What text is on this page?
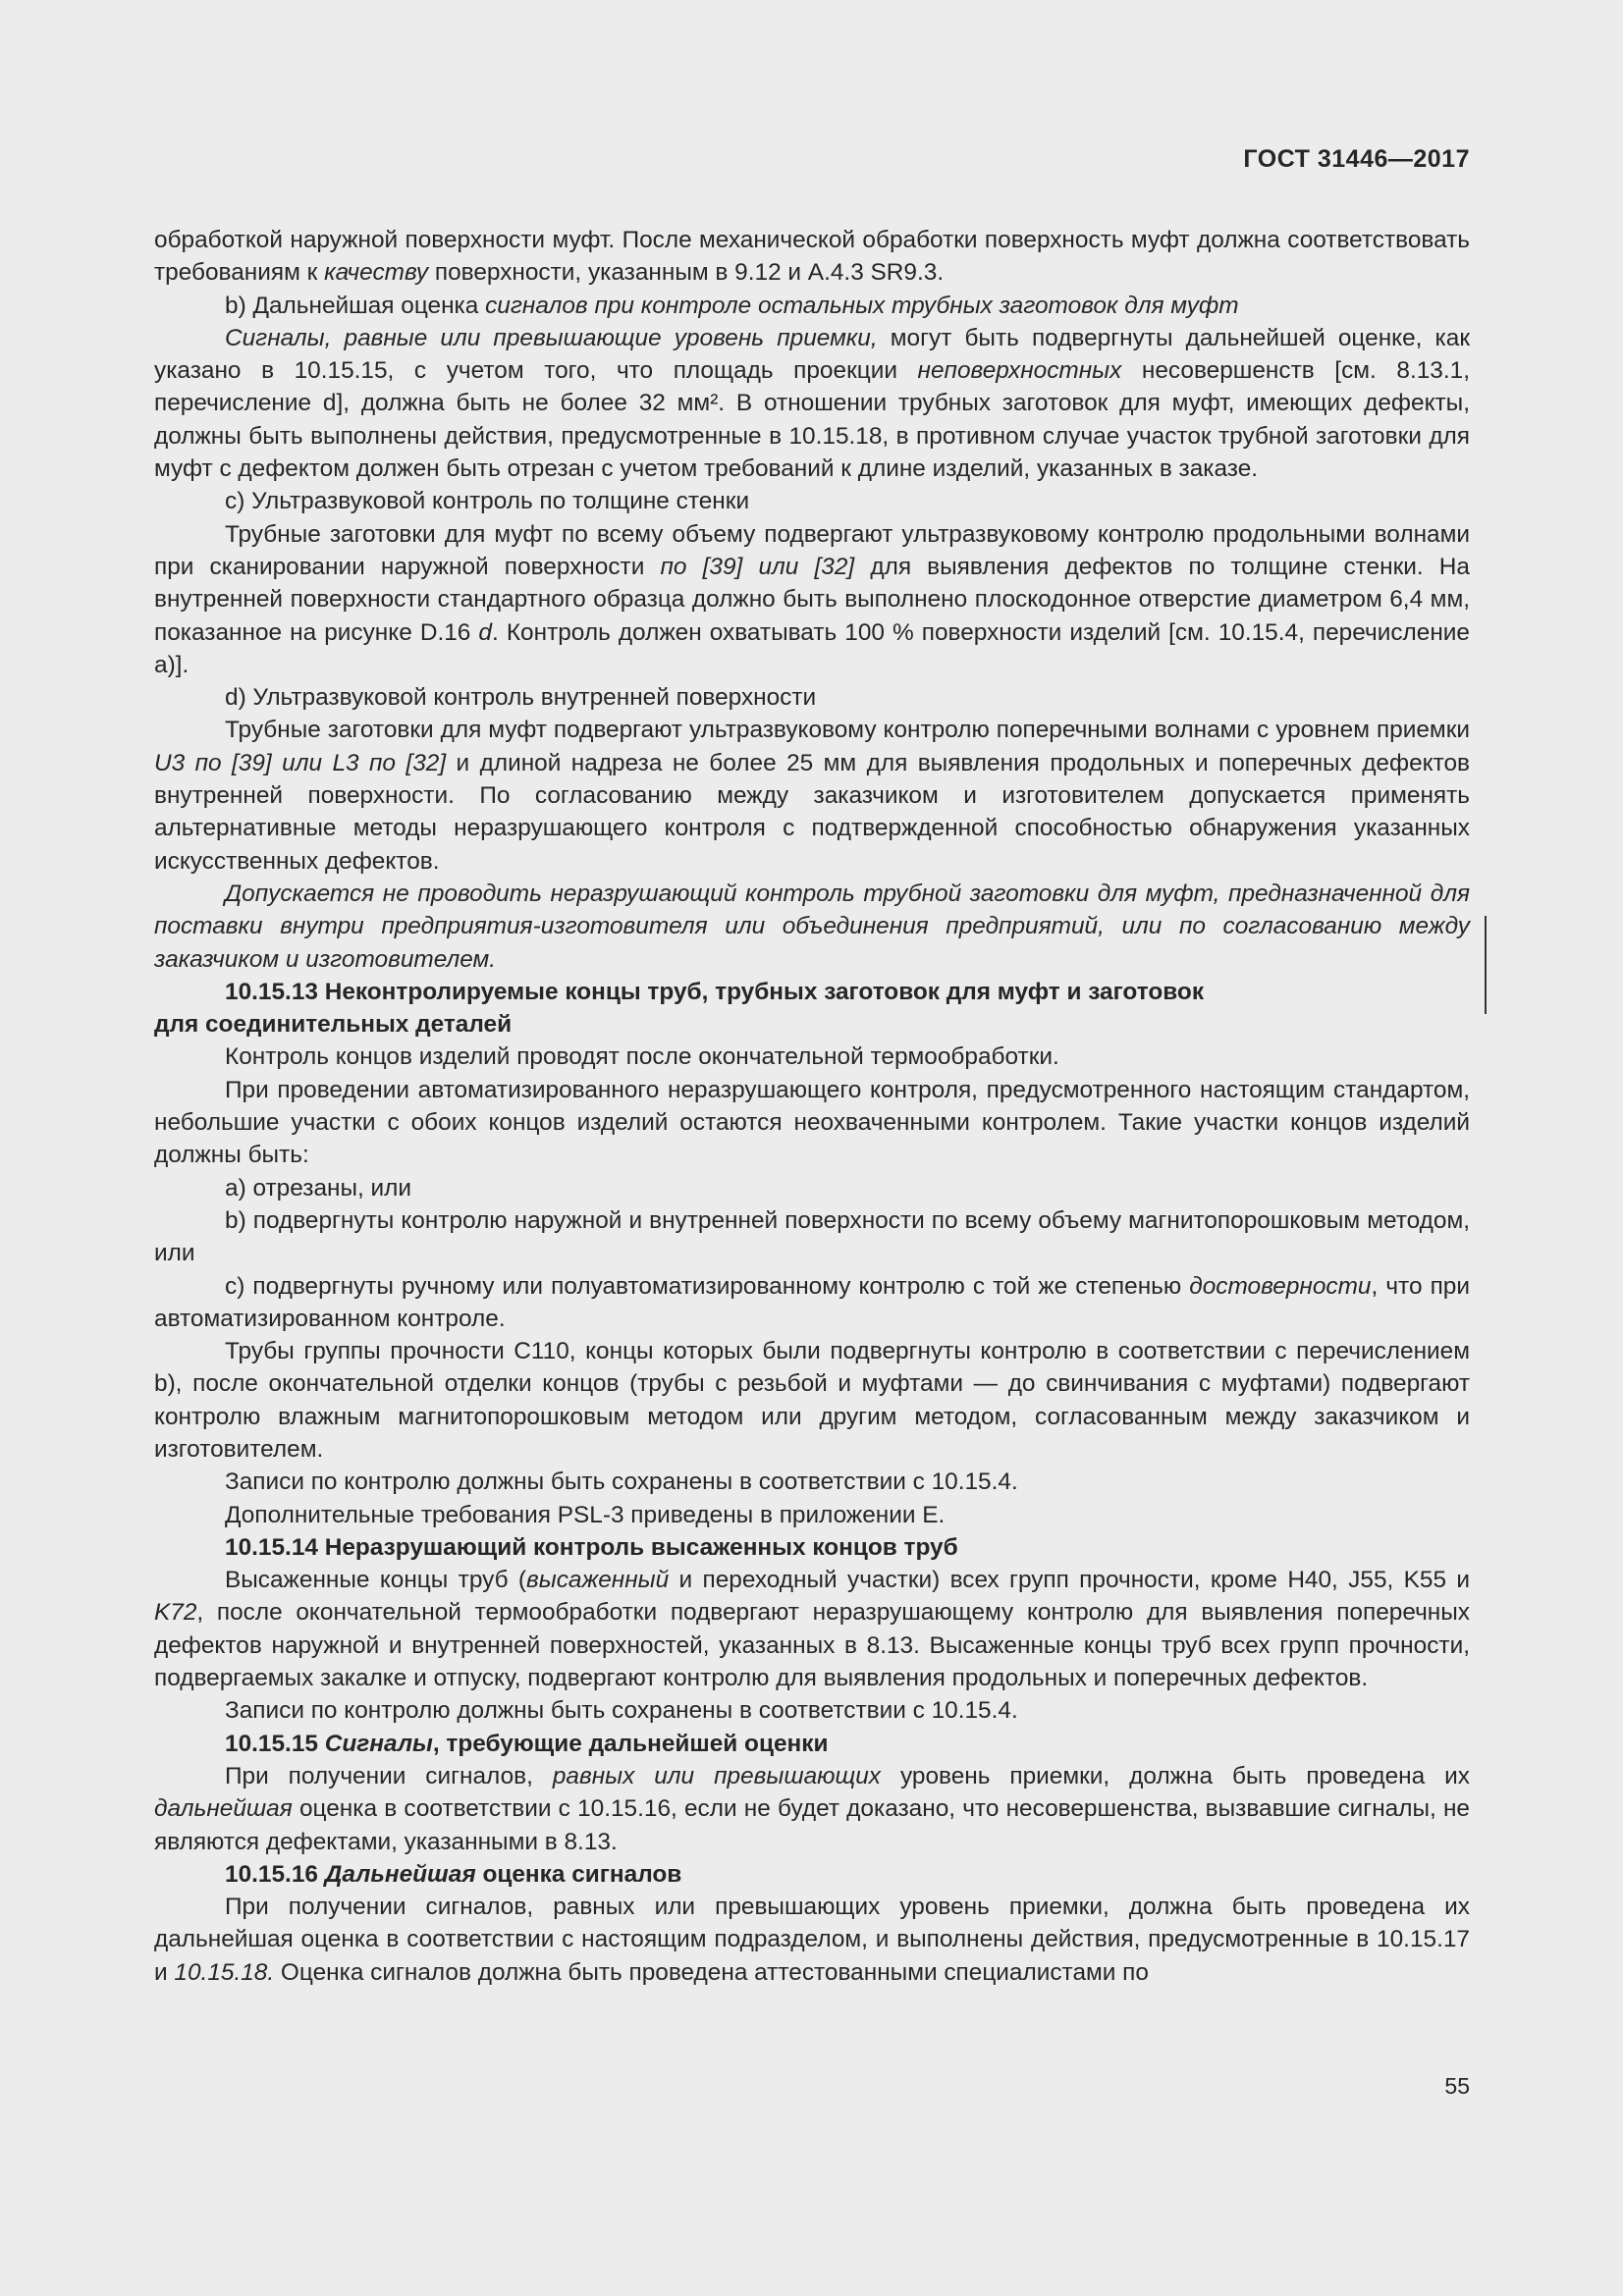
ГОСТ 31446—2017

обработкой наружной поверхности муфт. После механической обработки поверхность муфт должна соответствовать требованиям к качеству поверхности, указанным в 9.12 и A.4.3 SR9.3.

b) Дальнейшая оценка сигналов при контроле остальных трубных заготовок для муфт

Сигналы, равные или превышающие уровень приемки, могут быть подвергнуты дальнейшей оценке, как указано в 10.15.15, с учетом того, что площадь проекции неповерхностных несовершенств [см. 8.13.1, перечисление d], должна быть не более 32 мм². В отношении трубных заготовок для муфт, имеющих дефекты, должны быть выполнены действия, предусмотренные в 10.15.18, в противном случае участок трубной заготовки для муфт с дефектом должен быть отрезан с учетом требований к длине изделий, указанных в заказе.

c) Ультразвуковой контроль по толщине стенки

Трубные заготовки для муфт по всему объему подвергают ультразвуковому контролю продольными волнами при сканировании наружной поверхности по [39] или [32] для выявления дефектов по толщине стенки. На внутренней поверхности стандартного образца должно быть выполнено плоскодонное отверстие диаметром 6,4 мм, показанное на рисунке D.16 d. Контроль должен охватывать 100 % поверхности изделий [см. 10.15.4, перечисление a)].

d) Ультразвуковой контроль внутренней поверхности

Трубные заготовки для муфт подвергают ультразвуковому контролю поперечными волнами с уровнем приемки U3 по [39] или L3 по [32] и длиной надреза не более 25 мм для выявления продольных и поперечных дефектов внутренней поверхности. По согласованию между заказчиком и изготовителем допускается применять альтернативные методы неразрушающего контроля с подтвержденной способностью обнаружения указанных искусственных дефектов.

Допускается не проводить неразрушающий контроль трубной заготовки для муфт, предназначенной для поставки внутри предприятия-изготовителя или объединения предприятий, или по согласованию между заказчиком и изготовителем.

10.15.13 Неконтролируемые концы труб, трубных заготовок для муфт и заготовок

для соединительных деталей

Контроль концов изделий проводят после окончательной термообработки.

При проведении автоматизированного неразрушающего контроля, предусмотренного настоящим стандартом, небольшие участки с обоих концов изделий остаются неохваченными контролем. Такие участки концов изделий должны быть:

a) отрезаны, или

b) подвергнуты контролю наружной и внутренней поверхности по всему объему магнитопорошковым методом, или

c) подвергнуты ручному или полуавтоматизированному контролю с той же степенью достоверности, что при автоматизированном контроле.

Трубы группы прочности С110, концы которых были подвергнуты контролю в соответствии с перечислением b), после окончательной отделки концов (трубы с резьбой и муфтами — до свинчивания с муфтами) подвергают контролю влажным магнитопорошковым методом или другим методом, согласованным между заказчиком и изготовителем.

Записи по контролю должны быть сохранены в соответствии с 10.15.4.

Дополнительные требования PSL-3 приведены в приложении E.

10.15.14 Неразрушающий контроль высаженных концов труб

Высаженные концы труб (высаженный и переходный участки) всех групп прочности, кроме H40, J55, K55 и K72, после окончательной термообработки подвергают неразрушающему контролю для выявления поперечных дефектов наружной и внутренней поверхностей, указанных в 8.13. Высаженные концы труб всех групп прочности, подвергаемых закалке и отпуску, подвергают контролю для выявления продольных и поперечных дефектов.

Записи по контролю должны быть сохранены в соответствии с 10.15.4.

10.15.15 Сигналы, требующие дальнейшей оценки

При получении сигналов, равных или превышающих уровень приемки, должна быть проведена их дальнейшая оценка в соответствии с 10.15.16, если не будет доказано, что несовершенства, вызвавшие сигналы, не являются дефектами, указанными в 8.13.

10.15.16 Дальнейшая оценка сигналов

При получении сигналов, равных или превышающих уровень приемки, должна быть проведена их дальнейшая оценка в соответствии с настоящим подразделом, и выполнены действия, предусмотренные в 10.15.17 и 10.15.18. Оценка сигналов должна быть проведена аттестованными специалистами по

55
